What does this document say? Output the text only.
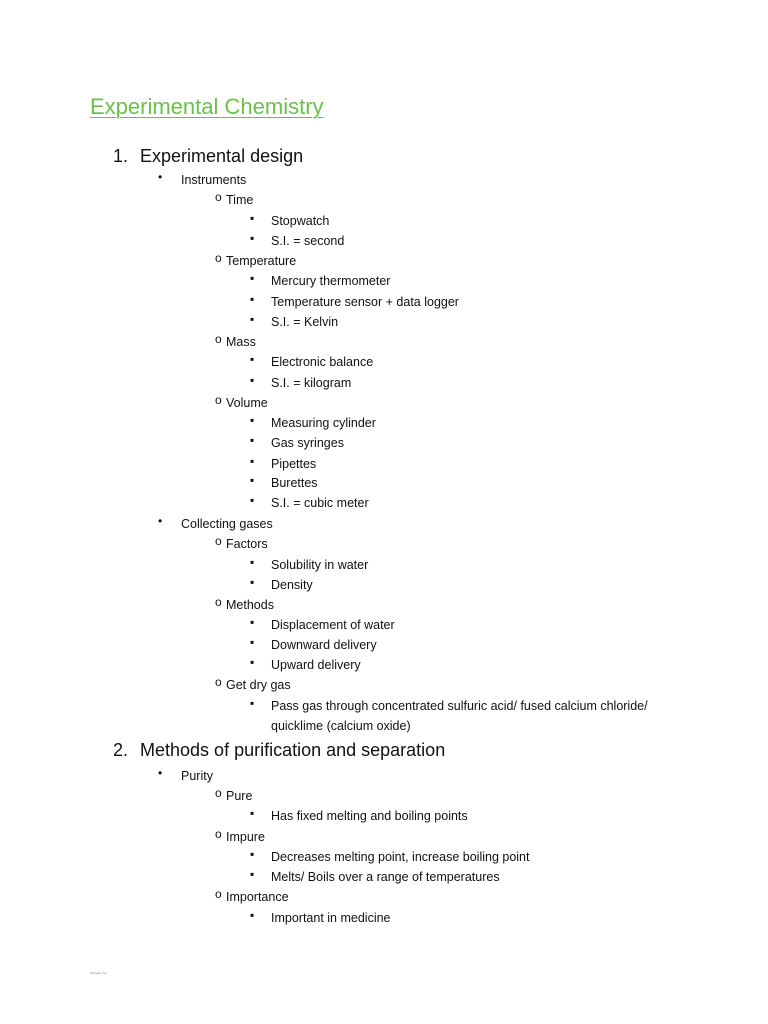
Experimental Chemistry
1. Experimental design
• Instruments
o Time
▪ Stopwatch
▪ S.I. = second
o Temperature
▪ Mercury thermometer
▪ Temperature sensor + data logger
▪ S.I. = Kelvin
o Mass
▪ Electronic balance
▪ S.I. = kilogram
o Volume
▪ Measuring cylinder
▪ Gas syringes
▪ Pipettes
▪ Burettes
▪ S.I. = cubic meter
• Collecting gases
o Factors
▪ Solubility in water
▪ Density
o Methods
▪ Displacement of water
▪ Downward delivery
▪ Upward delivery
o Get dry gas
▪ Pass gas through concentrated sulfuric acid/ fused calcium chloride/
quicklime (calcium oxide)
2. Methods of purification and separation
• Purity
o Pure
▪ Has fixed melting and boiling points
o Impure
▪ Decreases melting point, increase boiling point
▪ Melts/ Boils over a range of temperatures
o Importance
▪ Important in medicine
Nicholas Teo
